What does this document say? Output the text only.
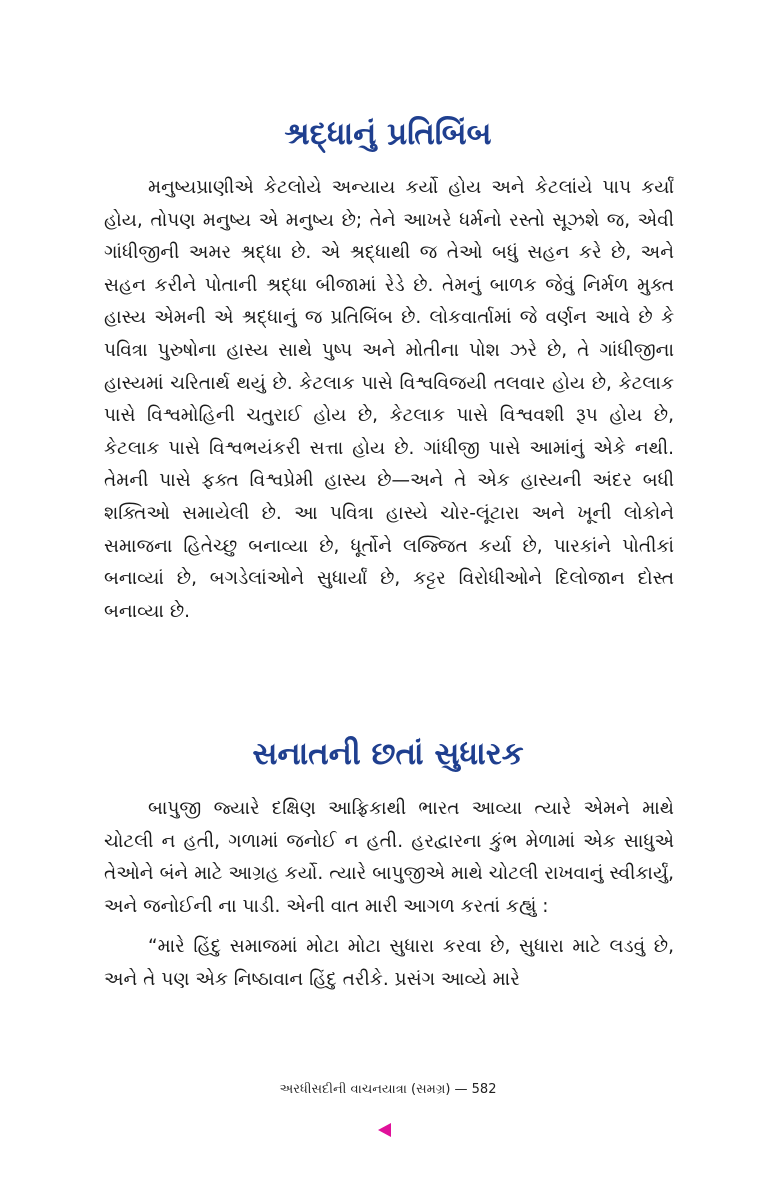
શ્રદ્ધાનું પ્રતિબિંબ

મનુષ્યપ્રાણીએ કેટલોયે અન્યાય કર્યો હોય અને કેટલાંયે પાપ કર્યાં હોય, તોપણ મનુષ્ય એ મનુષ્ય છે; તેને આખરે ધર્મનો રસ્તો સૂઝશે જ, એવી ગાંધીજીની અમર શ્રદ્ધા છે. એ શ્રદ્ધાથી જ તેઓ બધું સહન કરે છે, અને સહન કરીને પોતાની શ્રદ્ધા બીજામાં રેડે છે. તેમનું બાળક જેવું નિર્મળ મુક્ત હાસ્ય એમની એ શ્રદ્ધાનું જ પ્રતિબિંબ છે. લોકવાર્તામાં જે વર્ણન આવે છે કે પવિત્રા પુરુષોના હાસ્ય સાથે પુષ્પ અને મોતીના પોશ ઝરે છે, તે ગાંધીજીના હાસ્યમાં ચરિતાર્થ થયું છે. કેટલાક પાસે વિશ્વવિજયી તલવાર હોય છે, કેટલાક પાસે વિશ્વમોહિની ચતુરાઈ હોય છે, કેટલાક પાસે વિશ્વવશી રૂપ હોય છે, કેટલાક પાસે વિશ્વભયંકરી સત્તા હોય છે. ગાંધીજી પાસે આમાંનું એકે નથી. તેમની પાસે ફક્ત વિશ્વપ્રેમી હાસ્ય છે—અને તે એક હાસ્યની અંદર બધી શક્તિઓ સમાયેલી છે. આ પવિત્રા હાસ્યે ચોર-લૂંટારા અને ખૂની લોકોને સમાજના હિતેચ્છુ બનાવ્યા છે, ધૂર્તોને લજ્જિત કર્યા છે, પારકાંને પોતીકાં બનાવ્યાં છે, બગડેલાંઓને સુધાર્યાં છે, કટ્ટર વિરોધીઓને દિલોજાન દોસ્ત બનાવ્યા છે.

સનાતની છતાં સુધારક

બાપુજી જ્યારે દક્ષિણ આફ્રિકાથી ભારત આવ્યા ત્યારે એમને માથે ચોટલી ન હતી, ગળામાં જનોઈ ન હતી. હરદ્વારના કુંભ મેળામાં એક સાધુએ તેઓને બંને માટે આગ્રહ કર્યો. ત્યારે બાપુજીએ માથે ચોટલી રાખવાનું સ્વીકાર્યું, અને જનોઈની ના પાડી. એની વાત મારી આગળ કરતાં કહ્યું :

“મારે હિંદુ સમાજમાં મોટા મોટા સુધારા કરવા છે, સુધારા માટે લડવું છે, અને તે પણ એક નિષ્ઠાવાન હિંદુ તરીકે. પ્રસંગ આવ્યે મારે

અરધીસદીની વાચનયાત્રા (સમગ્ર) — 582
